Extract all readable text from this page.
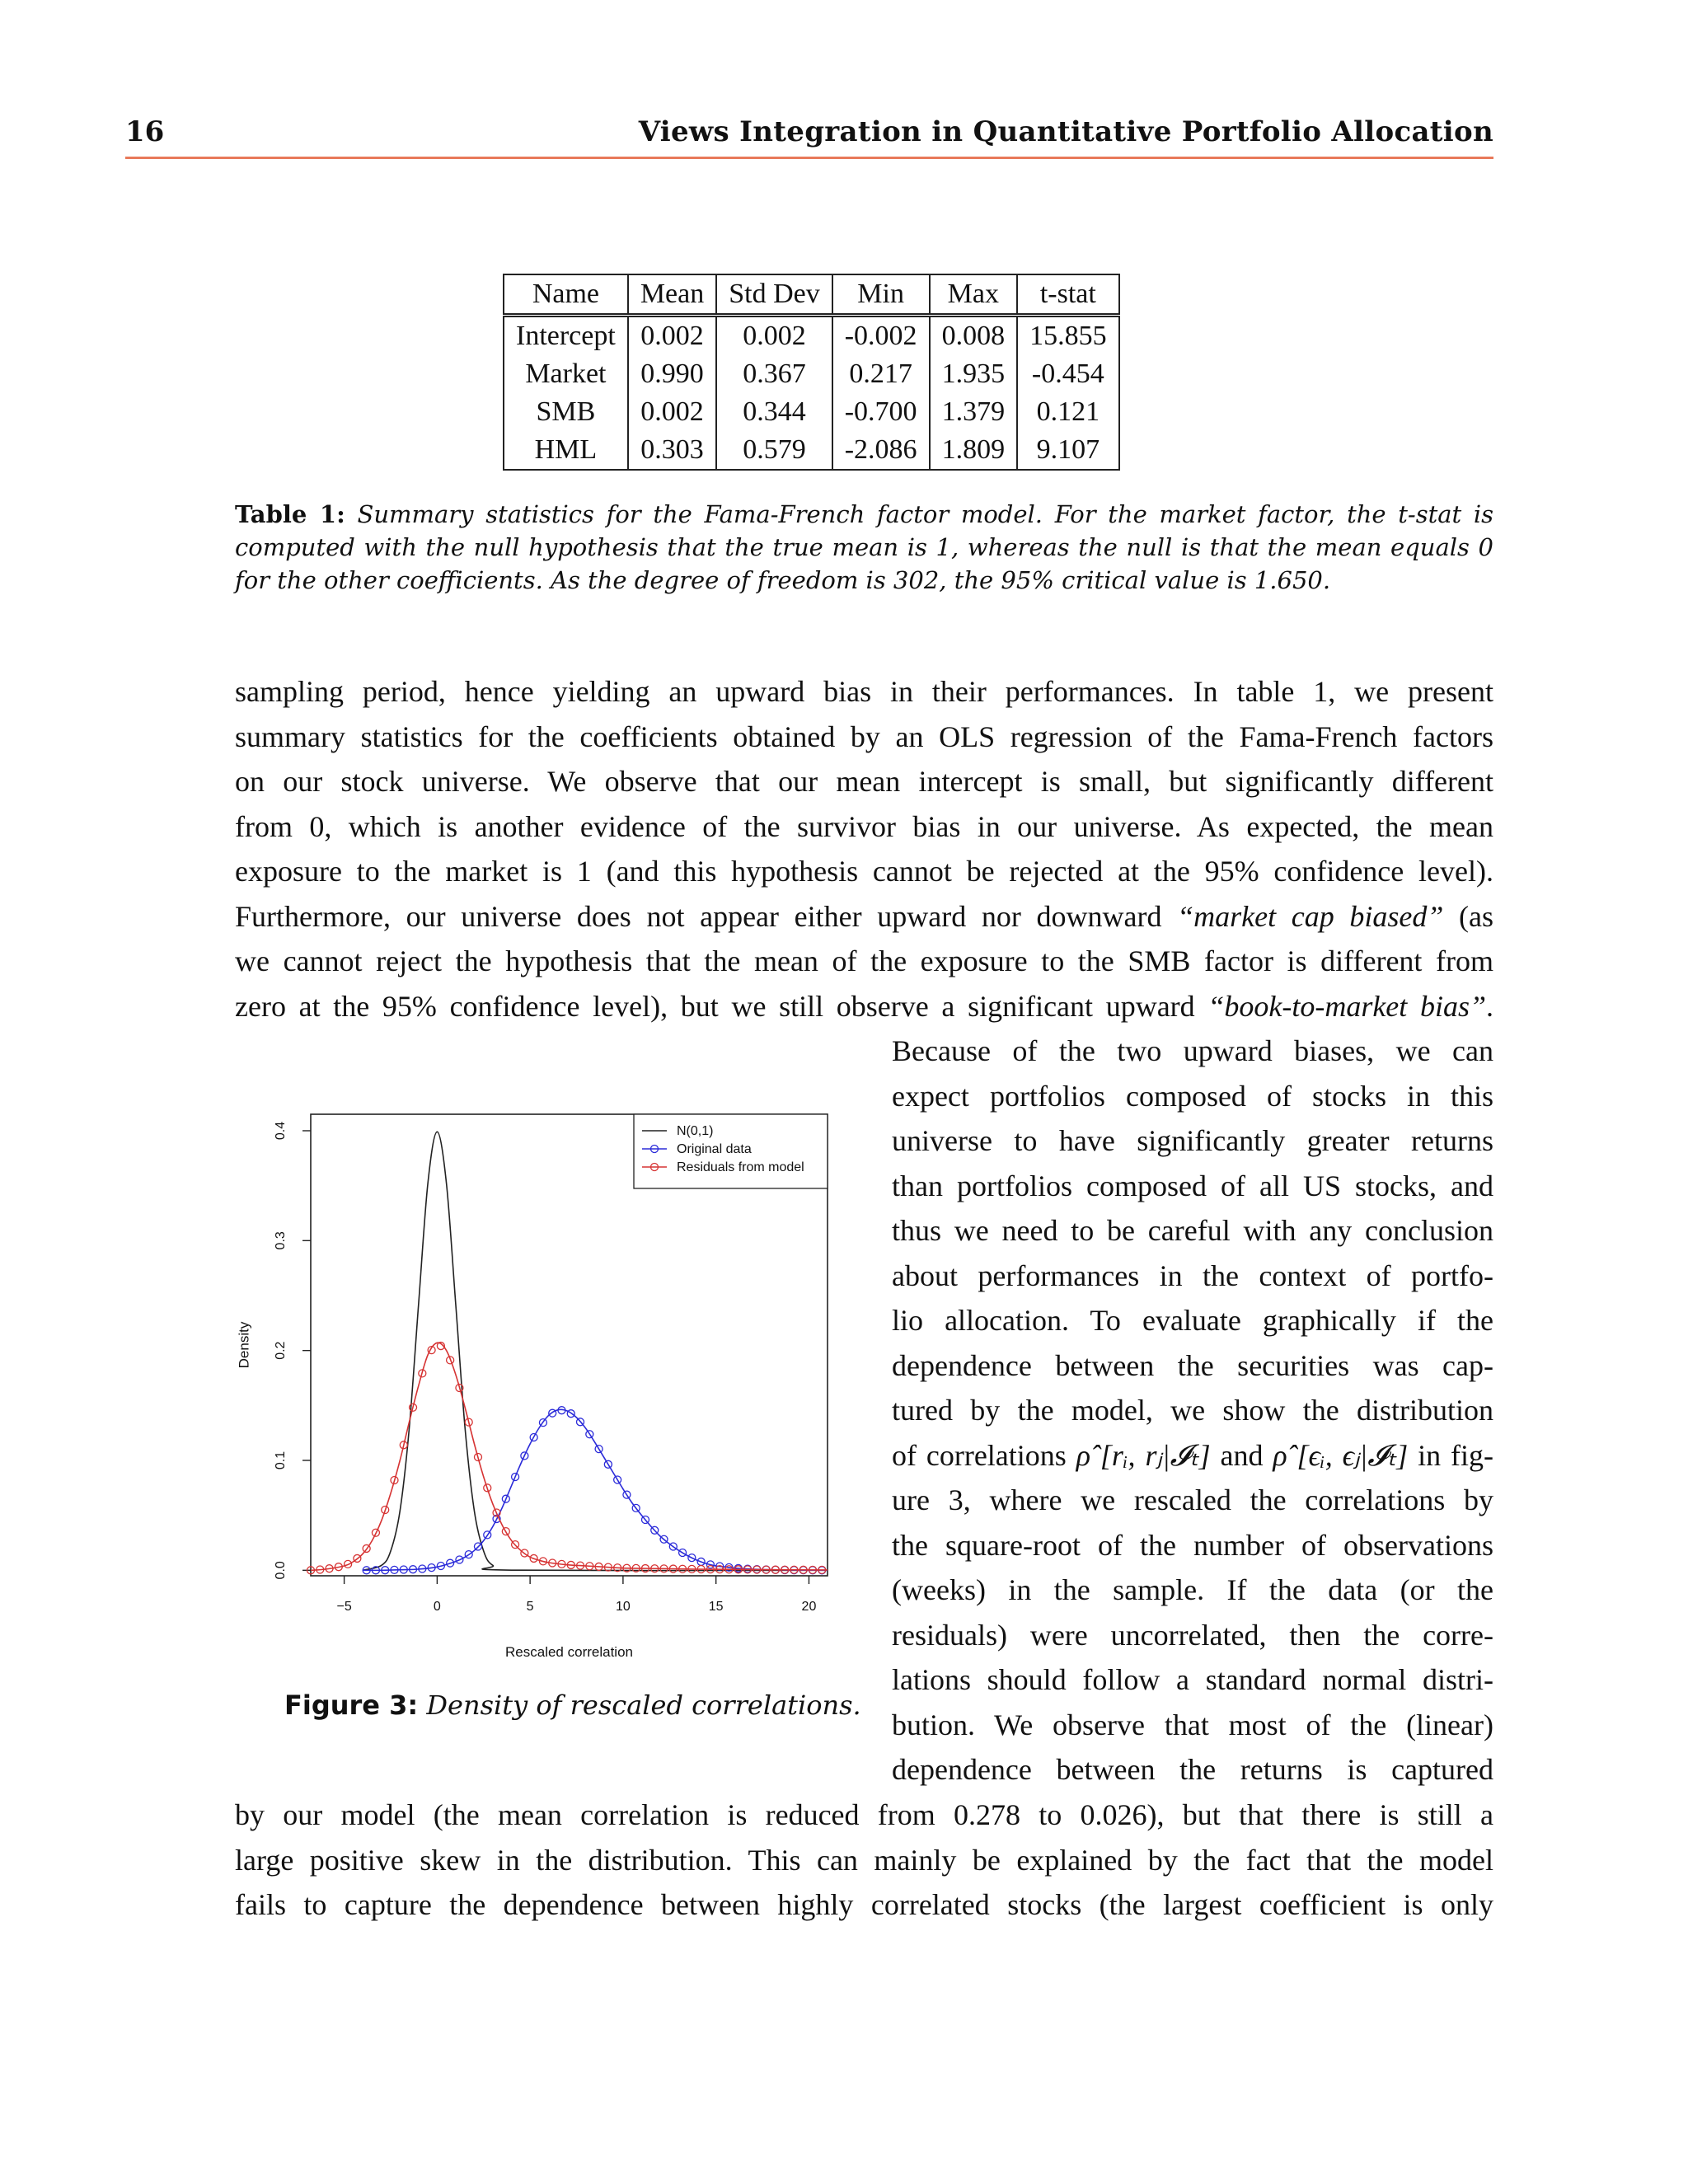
16	Views Integration in Quantitative Portfolio Allocation
Name	Mean	Std Dev	Min	Max	t-stat
Intercept	0.002	0.002	-0.002	0.008	15.855
Market	0.990	0.367	0.217	1.935	-0.454
SMB	0.002	0.344	-0.700	1.379	0.121
HML	0.303	0.579	-2.086	1.809	9.107
Table 1: Summary statistics for the Fama-French factor model. For the market factor, the t-stat is computed with the null hypothesis that the true mean is 1, whereas the null is that the mean equals 0 for the other coefficients. As the degree of freedom is 302, the 95% critical value is 1.650.
sampling period, hence yielding an upward bias in their performances. In table 1, we present
summary statistics for the coefficients obtained by an OLS regression of the Fama-French factors
on our stock universe. We observe that our mean intercept is small, but significantly different
from 0, which is another evidence of the survivor bias in our universe. As expected, the mean
exposure to the market is 1 (and this hypothesis cannot be rejected at the 95% confidence level).
Furthermore, our universe does not appear either upward nor downward “market cap biased” (as
we cannot reject the hypothesis that the mean of the exposure to the SMB factor is different from
zero at the 95% confidence level), but we still observe a significant upward “book-to-market bias”.
Because of the two upward biases, we can
expect portfolios composed of stocks in this
universe to have significantly greater returns
than portfolios composed of all US stocks, and
thus we need to be careful with any conclusion
about performances in the context of portfo-
lio allocation. To evaluate graphically if the
dependence between the securities was cap-
tured by the model, we show the distribution
of correlations ρ̂ [rᵢ, rⱼ|𝓘ₜ] and ρ̂ [ϵᵢ, ϵⱼ|𝓘ₜ] in fig-
ure 3, where we rescaled the correlations by
the square-root of the number of observations
(weeks) in the sample. If the data (or the
residuals) were uncorrelated, then the corre-
lations should follow a standard normal distri-
bution. We observe that most of the (linear)
dependence between the returns is captured
by our model (the mean correlation is reduced from 0.278 to 0.026), but that there is still a
large positive skew in the distribution. This can mainly be explained by the fact that the model
fails to capture the dependence between highly correlated stocks (the largest coefficient is only
−5	0	5	10	15	20
0.0
0.1
0.2
0.3
0.4
Rescaled correlation
Density
N(0,1)
Original data
Residuals from model
Figure 3: Density of rescaled correlations.
